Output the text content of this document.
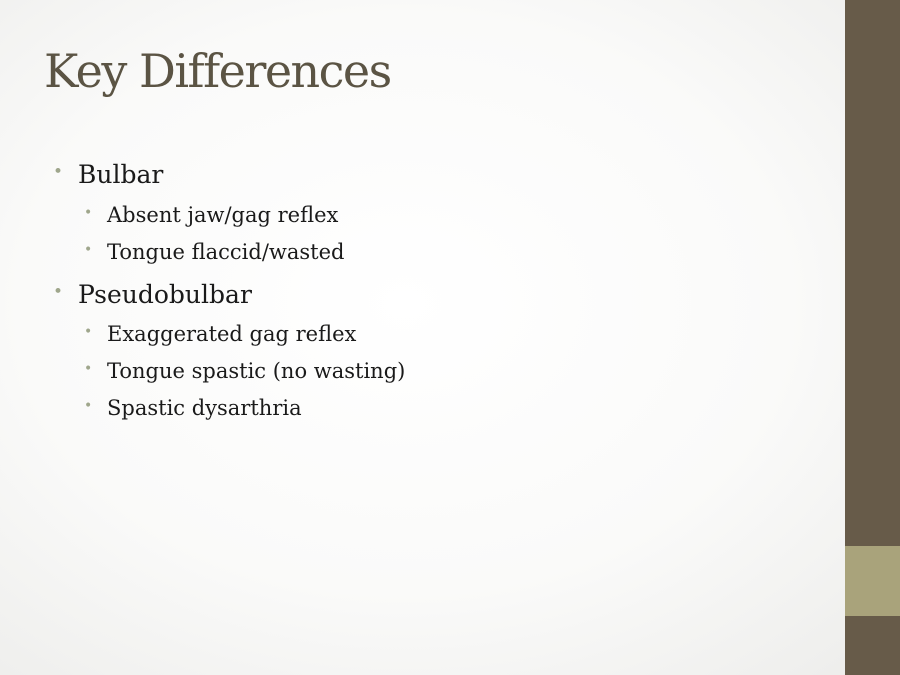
Key Differences
• Bulbar
• Absent jaw/gag reflex
• Tongue flaccid/wasted
• Pseudobulbar
• Exaggerated gag reflex
• Tongue spastic (no wasting)
• Spastic dysarthria
